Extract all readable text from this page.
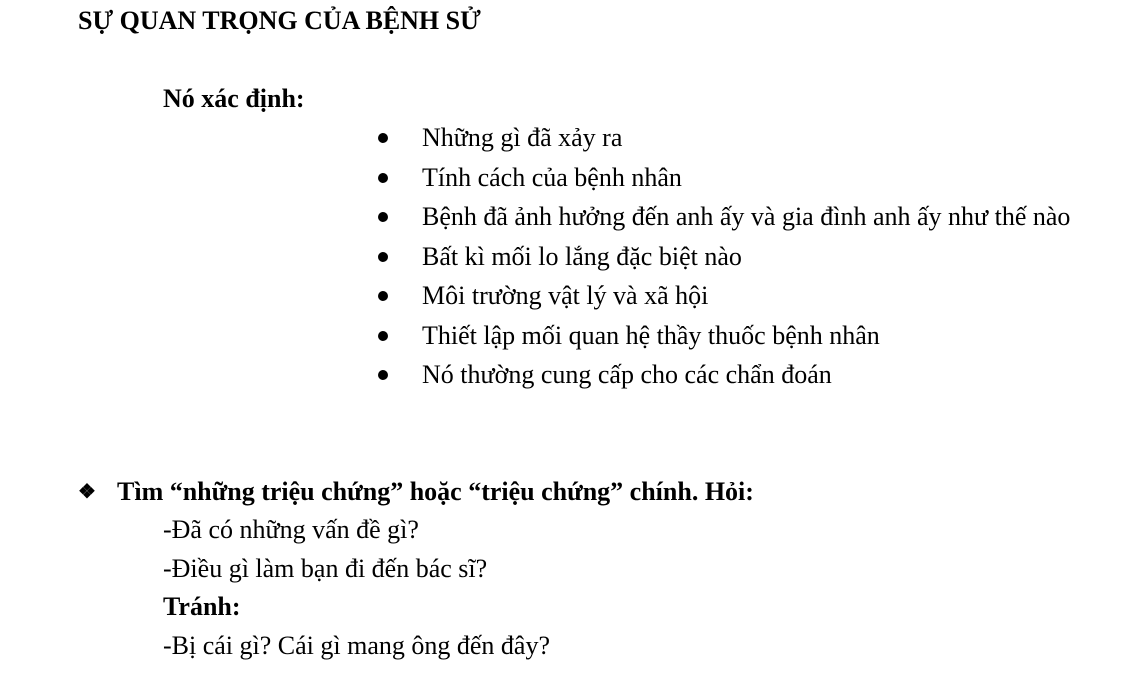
SỰ QUAN TRỌNG CỦA BỆNH SỬ
Nó xác định:
Những gì đã xảy ra
Tính cách của bệnh nhân
Bệnh đã ảnh hưởng đến anh ấy và gia đình anh ấy như thế nào
Bất kì mối lo lắng đặc biệt nào
Môi trường vật lý và xã hội
Thiết lập mối quan hệ thầy thuốc bệnh nhân
Nó thường cung cấp cho các chẩn đoán
❖ Tìm “những triệu chứng” hoặc “triệu chứng” chính. Hỏi:
-Đã có những vấn đề gì?
-Điều gì làm bạn đi đến bác sĩ?
Tránh:
-Bị cái gì? Cái gì mang ông đến đây?
